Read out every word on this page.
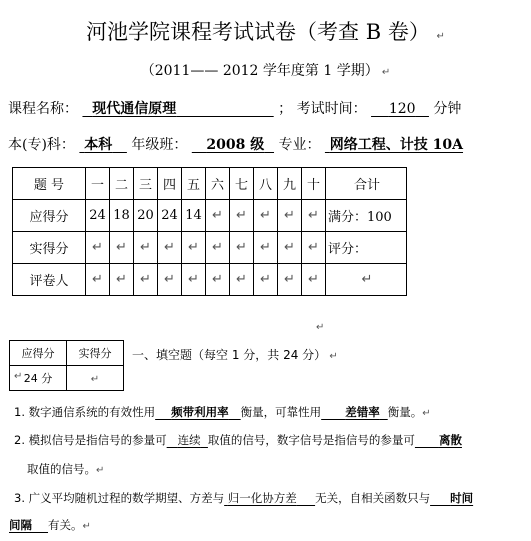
河池学院课程考试试卷（考查 B 卷） ↵
（2011—— 2012 学年度第 1 学期） ↵
课程名称： 现代通信原理	； 考试时间： 120 分钟
本(专)科： 本科 年级班： 2008 级 专业： 网络工程、计技 10A
题 号	一	二	三	四	五	六	七	八	九	十	合计
应得分	24	18	20	24	14	↵	↵	↵	↵	↵	满分：100
实得分	↵	↵	↵	↵	↵	↵	↵	↵	↵	↵	评分：
评卷人	↵	↵	↵	↵	↵	↵	↵	↵	↵	↵	↵
应得分	实得分
24 分	↵
一、填空题（每空 1 分，共 24 分） ↵
↵
↵
1. 数字通信系统的有效性用 频带利用率 衡量，可靠性用 差错率 衡量。↵
2. 模拟信号是指信号的参量可 连续 取值的信号，数字信号是指信号的参量可 离散
取值的信号。↵
3. 广义平均随机过程的数学期望、方差与 归一化协方差 无关，自相关函数只与 时间
间隔 有关。↵
